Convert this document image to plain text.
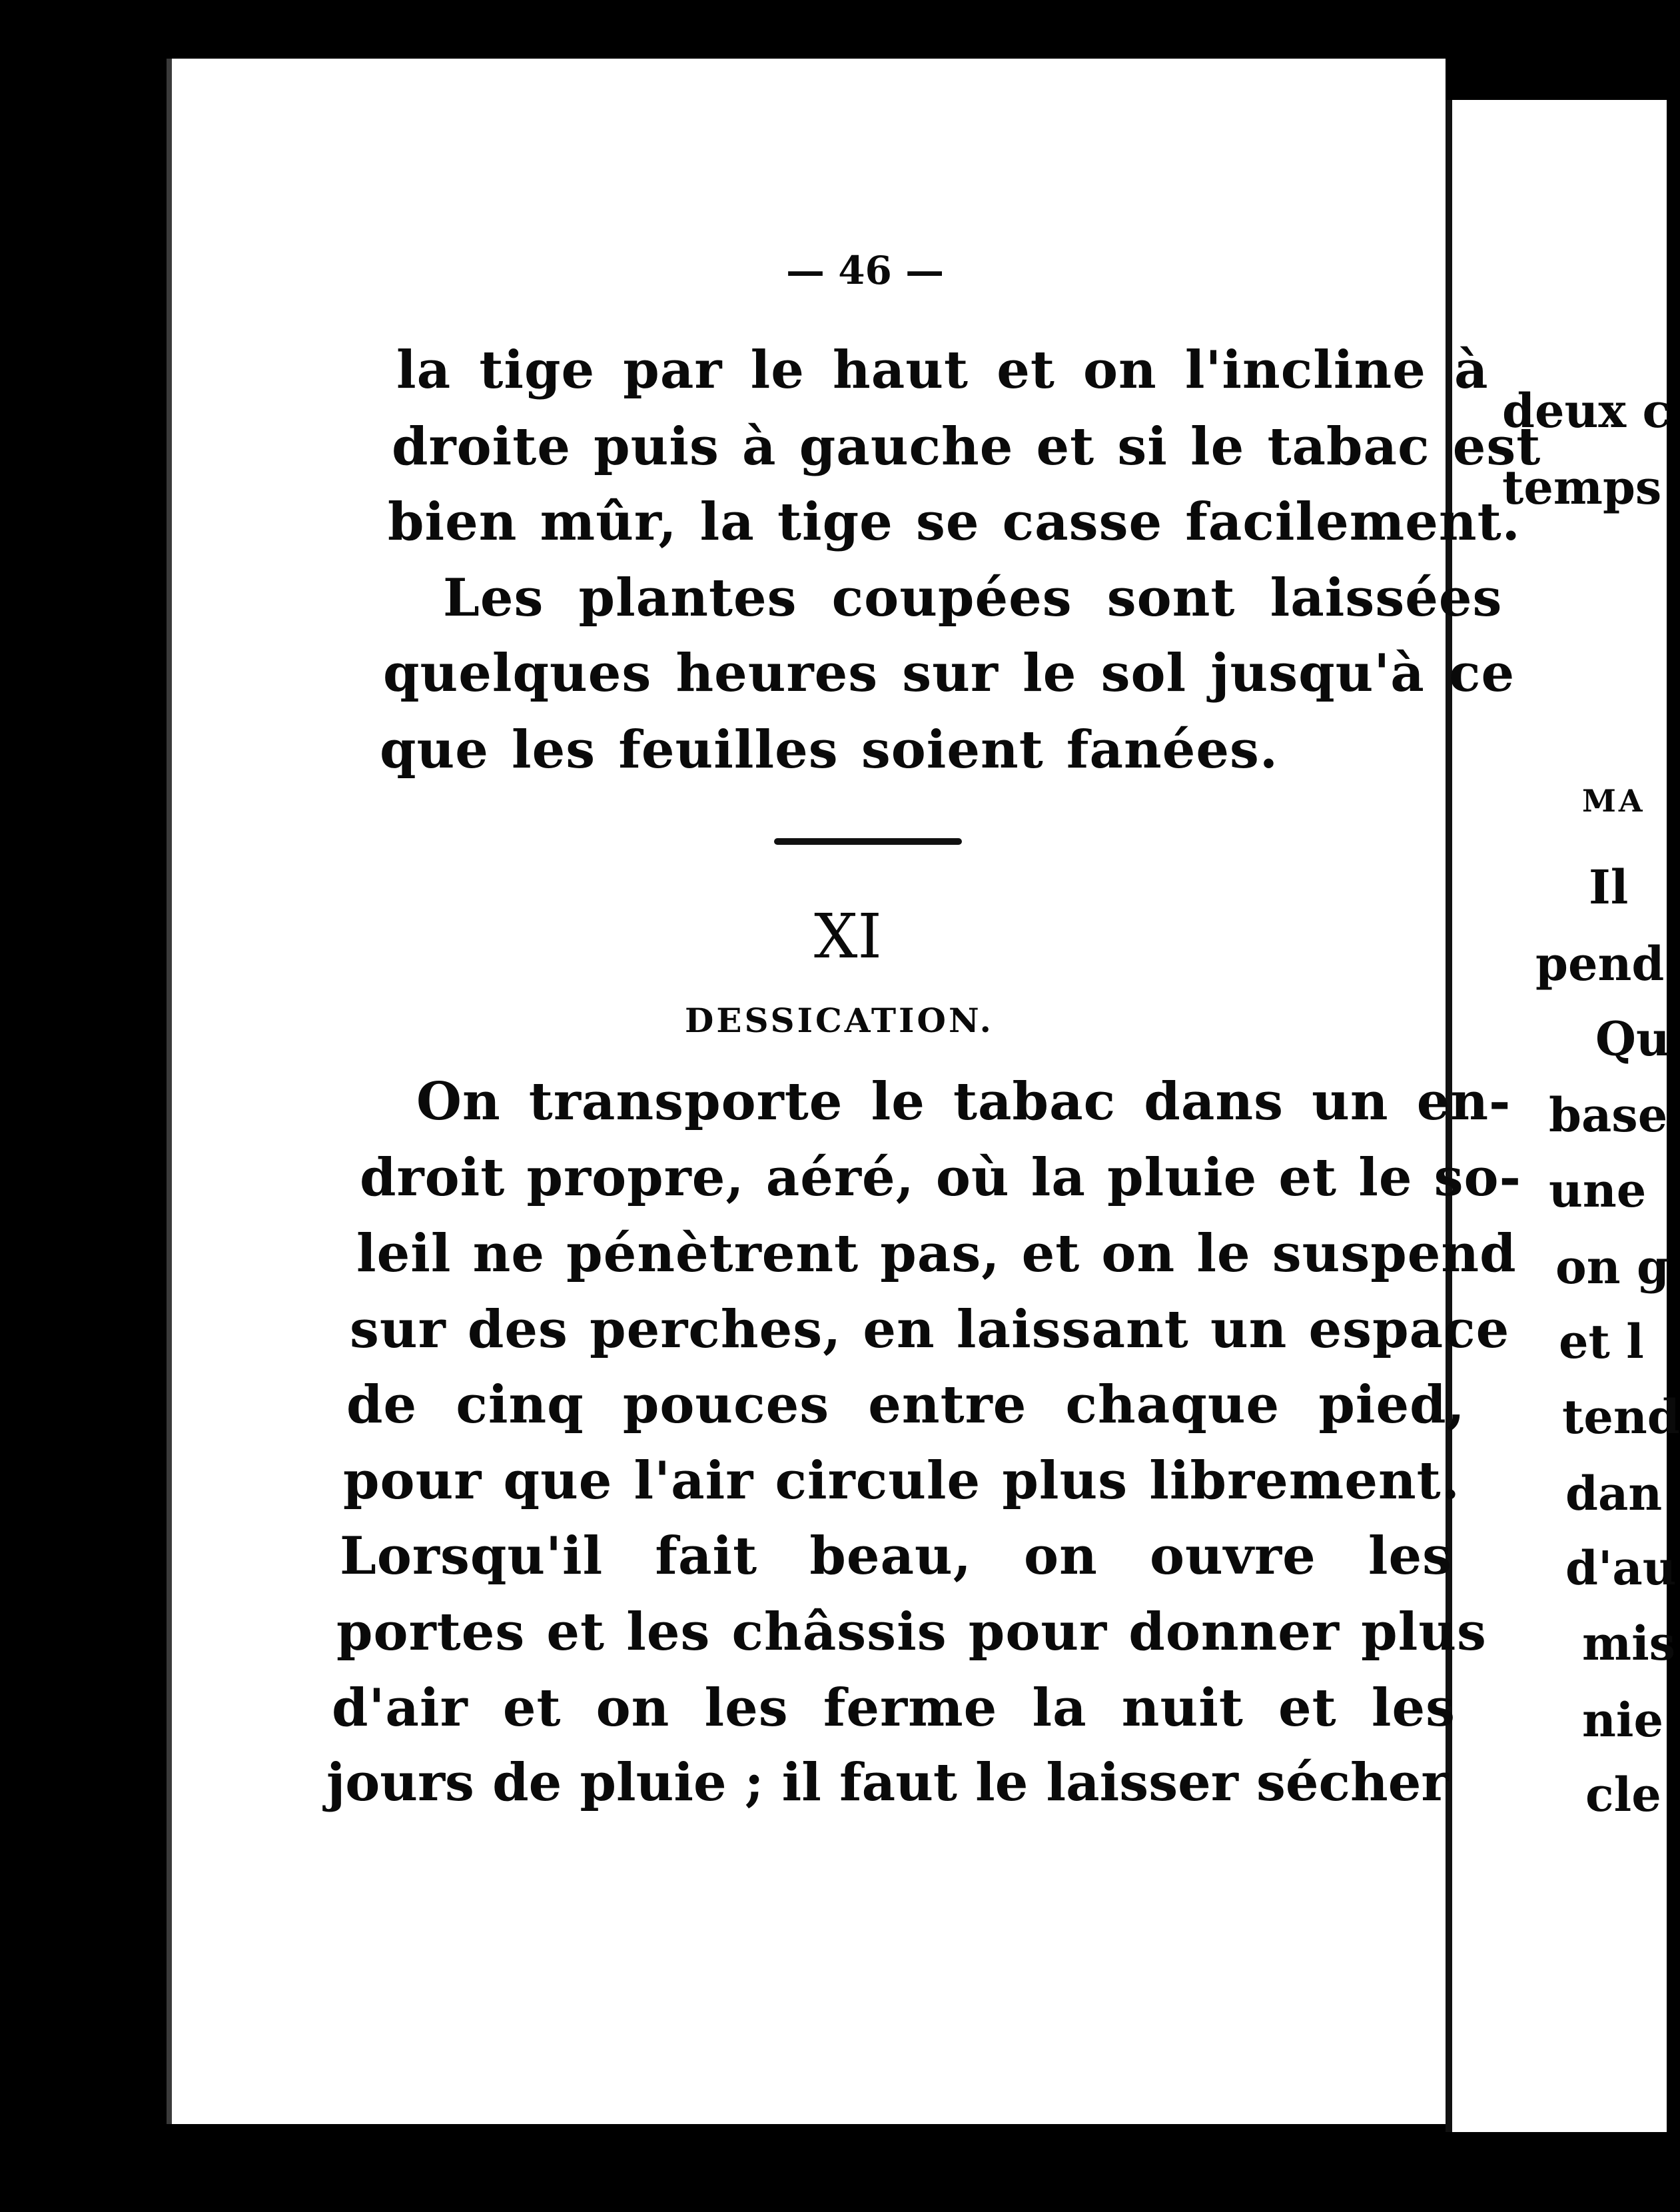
— 46 —
la tige par le haut et on l'incline à
droite puis à gauche et si le tabac est
bien mûr, la tige se casse facilement.
Les plantes coupées sont laissées
quelques heures sur le sol jusqu'à ce
que les feuilles soient fanées.
XI
DESSICATION.
On transporte le tabac dans un en-
droit propre, aéré, où la pluie et le so-
leil ne pénètrent pas, et on le suspend
sur des perches, en laissant un espace
de cinq pouces entre chaque pied,
pour que l'air circule plus librement.
Lorsqu'il fait beau, on ouvre les
portes et les châssis pour donner plus
d'air et on les ferme la nuit et les
jours de pluie ; il faut le laisser sécher
deux c
temps
MA
Il
pend
Qu
base
une
on g
et l
tend
dan
d'au
mis
nie
cle
